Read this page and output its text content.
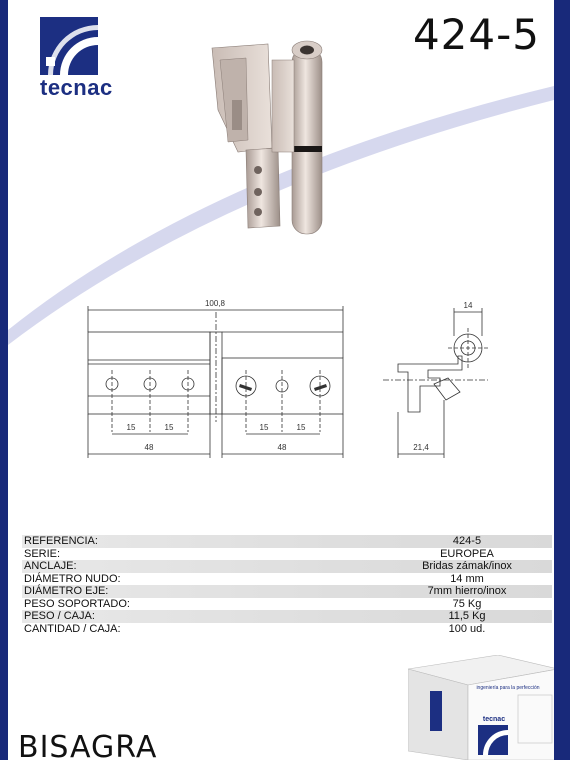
tecnac
424-5
100,8
15	15	15	15
48	48
14
21,4
REFERENCIA:	424-5
SERIE:	EUROPEA
ANCLAJE:	Bridas zámak/inox
DIÁMETRO NUDO:	14 mm
DIÁMETRO EJE:	7mm hierro/inox
PESO SOPORTADO:	75 Kg
PESO / CAJA:	11,5 Kg
CANTIDAD / CAJA:	100 ud.
ingeniería para la perfección
tecnac
BISAGRA
